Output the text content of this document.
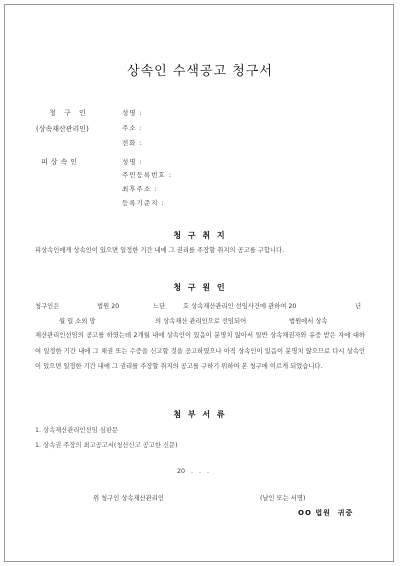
상속인 수색공고 청구서
청 구 인
(상속재산관리인)
성명 :
주소 :
전화 :
피상속인	성명 :
주민등록번호 :
최후주소 :
등록기준지 :
청 구 취 지
피상속인에게 상속인이 있으면 일정한 기간 내에 그 권리를 주장할 취지의 공고를 구합니다.
청 구 원 인
청구인은	법원 20	느단	호 상속재산관리인 선임사건에 관하여 20	년
월 일 소외 망	의 상속재산 관리인으로 선임되어	법원에서 상속
재산관리인선임의 공고를 하였는데 2개월 내에 상속인이 있음이 분명치 않아서 일반 상속채권자와 유증 받은 자에 대하여 일정한 기간 내에 그 채권 또는 수증을 신고할 것을 공고하였으나 아직 상속인이 있음이 분명치 않으므로 다시 상속인이 있으면 일정한 기간 내에 그 권리를 주장할 취지의 공고를 구하기 위하여 본 청구에 이르게 되었습니다.
첨 부 서 류
1. 상속재산관리인선임 심판문
1. 상속권 주장의 최고공고서(청산신고 공고한 신문)
20   .   .   .
위 청구인 상속재산관리인	(날인 또는 서명)
OO 법원  귀중
